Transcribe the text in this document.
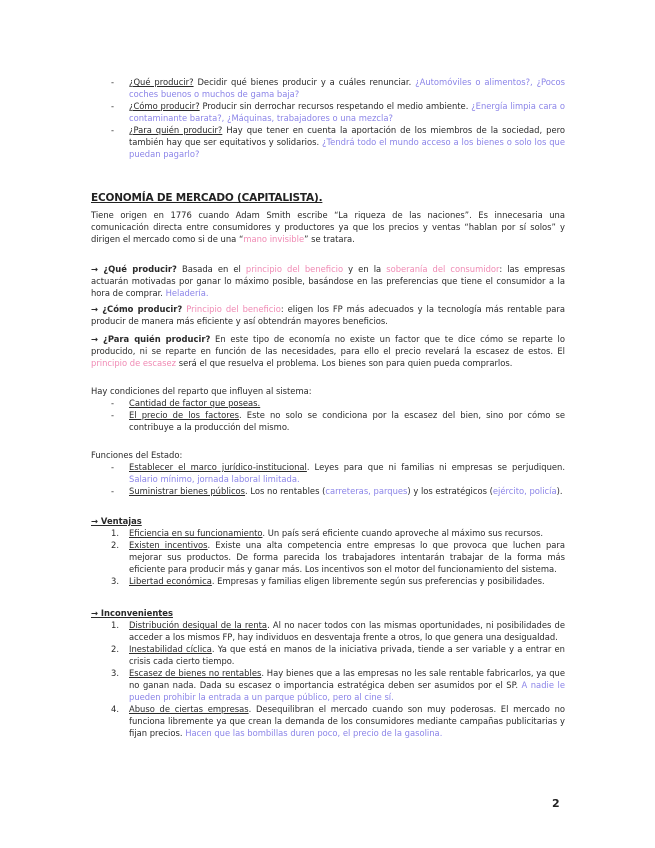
- ¿Qué producir? Decidir qué bienes producir y a cuáles renunciar. ¿Automóviles o alimentos?, ¿Pocos coches buenos o muchos de gama baja?

- ¿Cómo producir? Producir sin derrochar recursos respetando el medio ambiente. ¿Energía limpia cara o contaminante barata?, ¿Máquinas, trabajadores o una mezcla?

- ¿Para quién producir? Hay que tener en cuenta la aportación de los miembros de la sociedad, pero también hay que ser equitativos y solidarios. ¿Tendrá todo el mundo acceso a los bienes o solo los que puedan pagarlo?

ECONOMÍA DE MERCADO (CAPITALISTA).
Tiene origen en 1776 cuando Adam Smith escribe “La riqueza de las naciones”. Es innecesaria una comunicación directa entre consumidores y productores ya que los precios y ventas “hablan por sí solos” y dirigen el mercado como si de una “mano invisible” se tratara.
→ ¿Qué producir? Basada en el principio del beneficio y en la soberanía del consumidor: las empresas actuarán motivadas por ganar lo máximo posible, basándose en las preferencias que tiene el consumidor a la hora de comprar. Heladería.
→ ¿Cómo producir? Principio del beneficio: eligen los FP más adecuados y la tecnología más rentable para producir de manera más eficiente y así obtendrán mayores beneficios.
→ ¿Para quién producir? En este tipo de economía no existe un factor que te dice cómo se reparte lo producido, ni se reparte en función de las necesidades, para ello el precio revelará la escasez de estos. El principio de escasez será el que resuelva el problema. Los bienes son para quien pueda comprarlos.
Hay condiciones del reparto que influyen al sistema:

- Cantidad de factor que poseas.

- El precio de los factores. Este no solo se condiciona por la escasez del bien, sino por cómo se contribuye a la producción del mismo.

Funciones del Estado:

- Establecer el marco jurídico-institucional. Leyes para que ni familias ni empresas se perjudiquen. Salario mínimo, jornada laboral limitada.

- Suministrar bienes públicos. Los no rentables (carreteras, parques) y los estratégicos (ejército, policía).

→ Ventajas

1. Eficiencia en su funcionamiento. Un país será eficiente cuando aproveche al máximo sus recursos.

2. Existen incentivos. Existe una alta competencia entre empresas lo que provoca que luchen para mejorar sus productos. De forma parecida los trabajadores intentarán trabajar de la forma más eficiente para producir más y ganar más. Los incentivos son el motor del funcionamiento del sistema.

3. Libertad económica. Empresas y familias eligen libremente según sus preferencias y posibilidades.

→ Inconvenientes

1. Distribución desigual de la renta. Al no nacer todos con las mismas oportunidades, ni posibilidades de acceder a los mismos FP, hay individuos en desventaja frente a otros, lo que genera una desigualdad.

2. Inestabilidad cíclica. Ya que está en manos de la iniciativa privada, tiende a ser variable y a entrar en crisis cada cierto tiempo.

3. Escasez de bienes no rentables. Hay bienes que a las empresas no les sale rentable fabricarlos, ya que no ganan nada. Dada su escasez o importancia estratégica deben ser asumidos por el SP. A nadie le pueden prohibir la entrada a un parque público, pero al cine sí.

4. Abuso de ciertas empresas. Desequilibran el mercado cuando son muy poderosas. El mercado no funciona libremente ya que crean la demanda de los consumidores mediante campañas publicitarias y fijan precios. Hacen que las bombillas duren poco, el precio de la gasolina.

2
